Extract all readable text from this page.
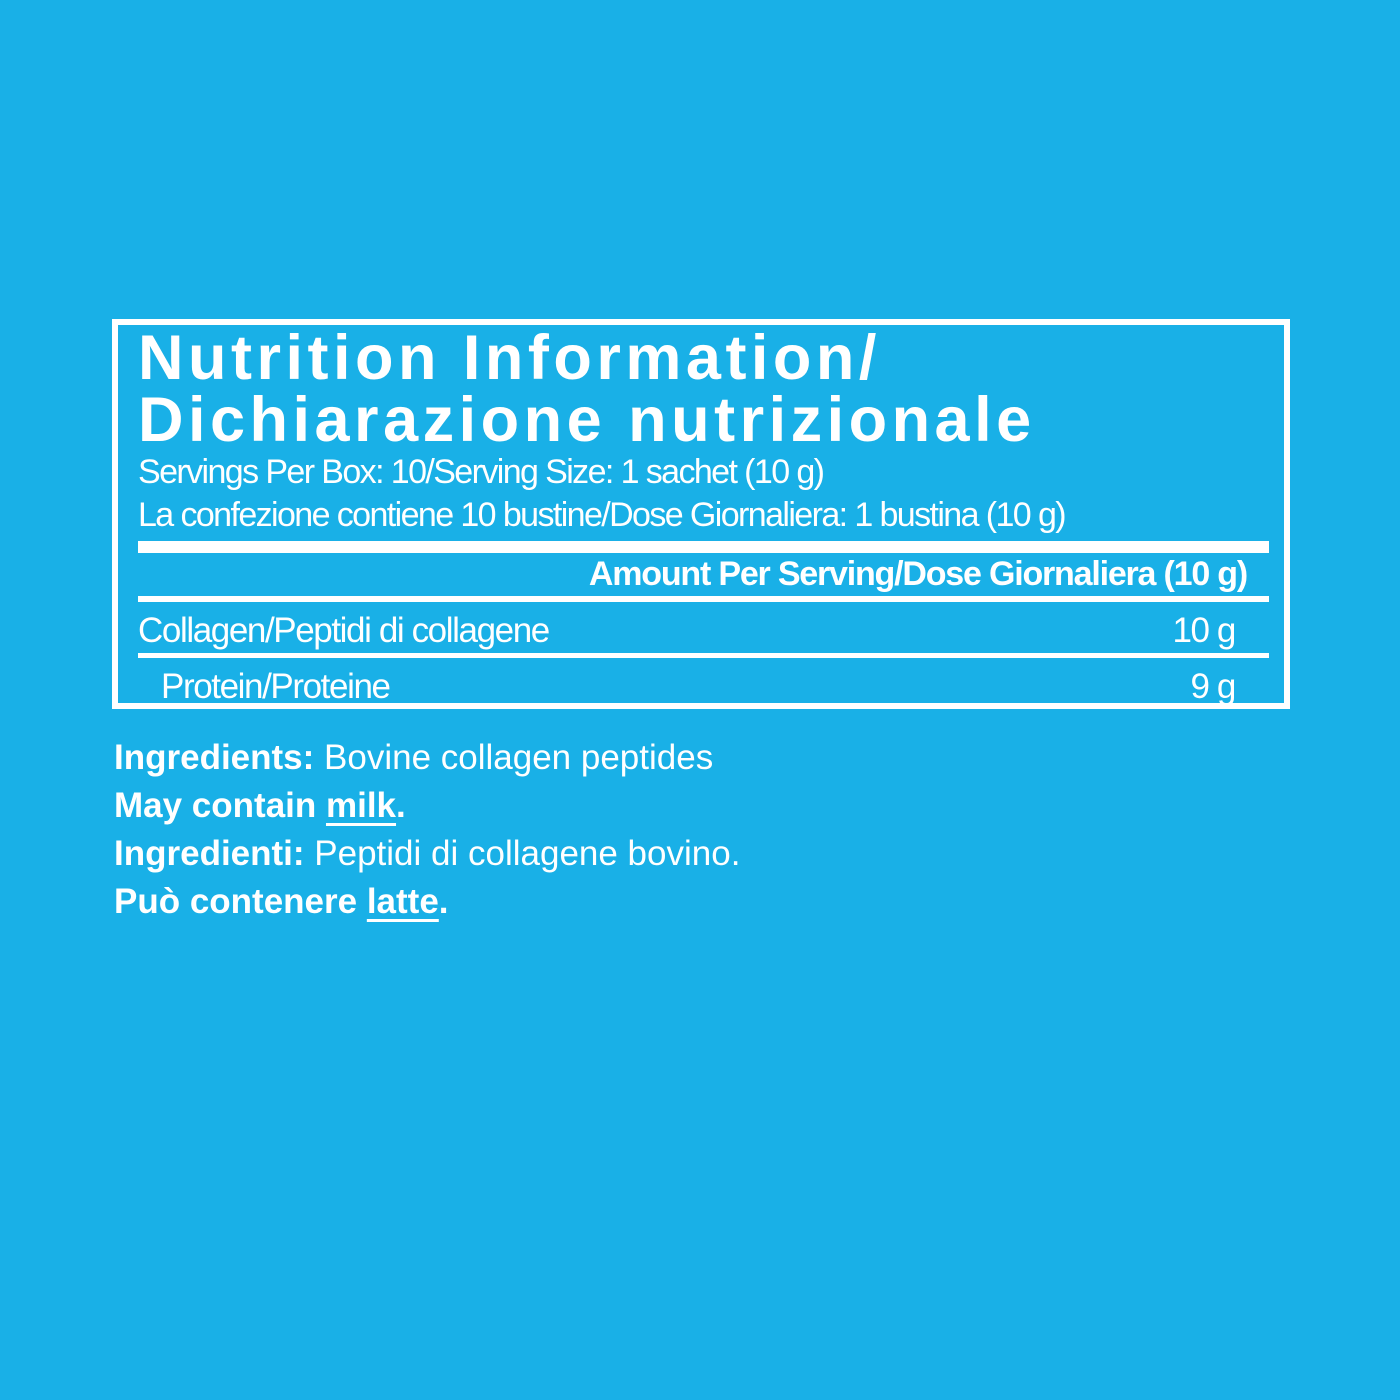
Nutrition Information/
Dichiarazione nutrizionale
Servings Per Box: 10/Serving Size: 1 sachet (10 g)
La confezione contiene 10 bustine/Dose Giornaliera: 1 bustina (10 g)
Amount Per Serving/Dose Giornaliera (10 g)
Collagen/Peptidi di collagene	10 g
Protein/Proteine	9 g
Ingredients: Bovine collagen peptides
May contain milk.
Ingredienti: Peptidi di collagene bovino.
Può contenere latte.
